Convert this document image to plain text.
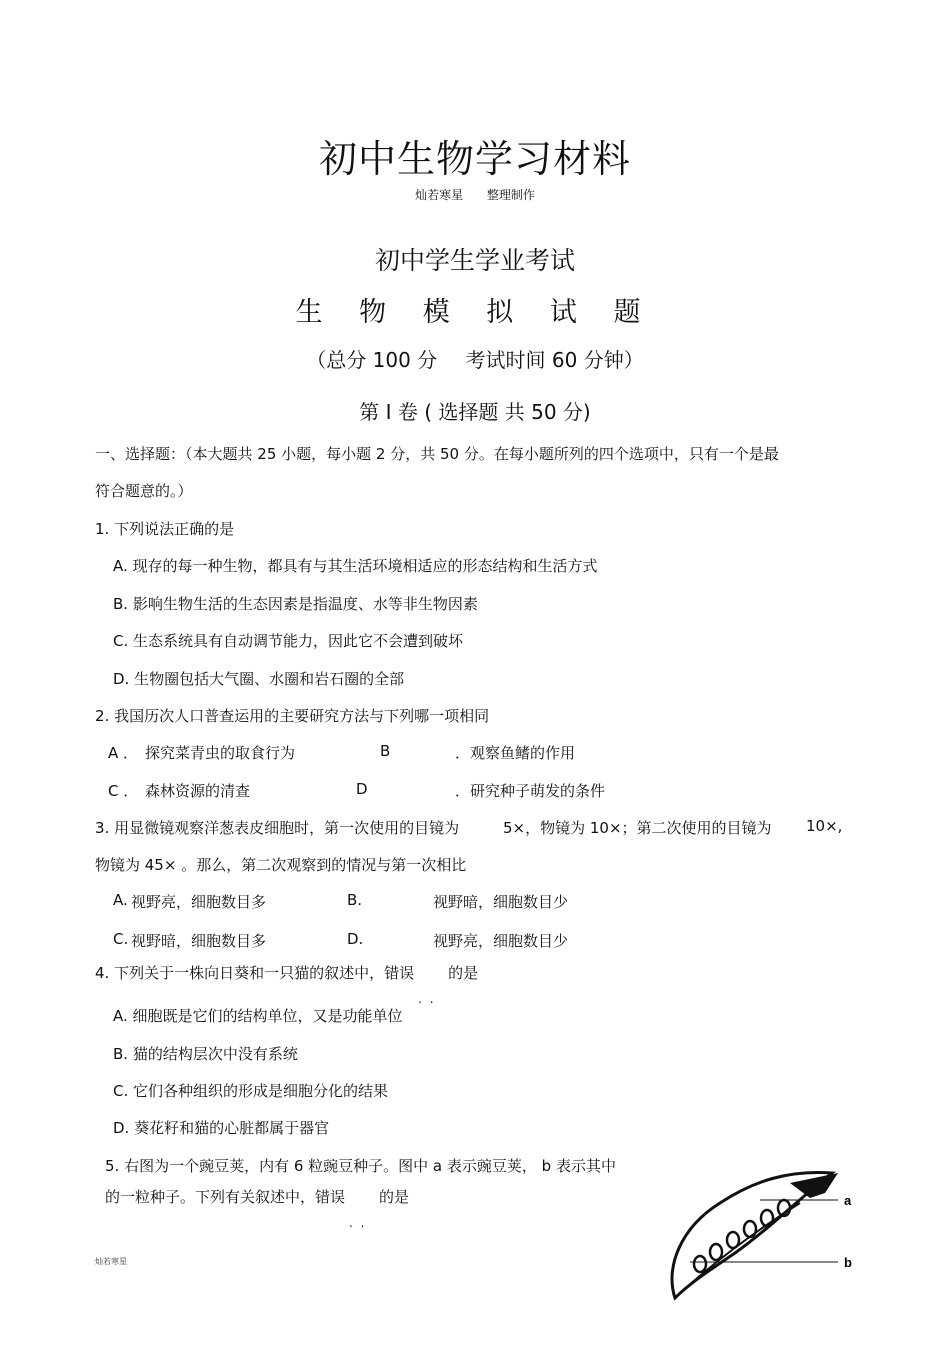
初中生物学习材料
灿若寒星 整理制作
初中学生学业考试
生 物 模 拟 试 题
（总分 100 分 考试时间 60 分钟）
第 I 卷 ( 选择题 共 50 分)
一、选择题：（本大题共 25 小题，每小题 2 分，共 50 分。在每小题所列的四个选项中，只有一个是最
符合题意的。）
1. 下列说法正确的是
A. 现存的每一种生物，都具有与其生活环境相适应的形态结构和生活方式
B. 影响生物生活的生态因素是指温度、水等非生物因素
C. 生态系统具有自动调节能力，因此它不会遭到破坏
D. 生物圈包括大气圈、水圈和岩石圈的全部
2. 我国历次人口普查运用的主要研究方法与下列哪一项相同
A ． 探究菜青虫的取食行为	B	．观察鱼鳍的作用
C ． 森林资源的清查	D	．研究种子萌发的条件
3. 用显微镜观察洋葱表皮细胞时，第一次使用的目镜为	5×，物镜为 10×；第二次使用的目镜为 10×,
物镜为 45× 。那么，第二次观察到的情况与第一次相比
A. 视野亮，细胞数目多	B.	视野暗，细胞数目少
C. 视野暗，细胞数目多	D.	视野亮，细胞数目少
4. 下列关于一株向日葵和一只猫的叙述中，错误 的是
A. 细胞既是它们的结构单位，又是功能单位
B. 猫的结构层次中没有系统
C. 它们各种组织的形成是细胞分化的结果
D. 葵花籽和猫的心脏都属于器官
5. 右图为一个豌豆荚，内有 6 粒豌豆种子。图中 a 表示豌豆荚， b 表示其中
的一粒种子。下列有关叙述中，错误 的是	a
b
灿若寒星
